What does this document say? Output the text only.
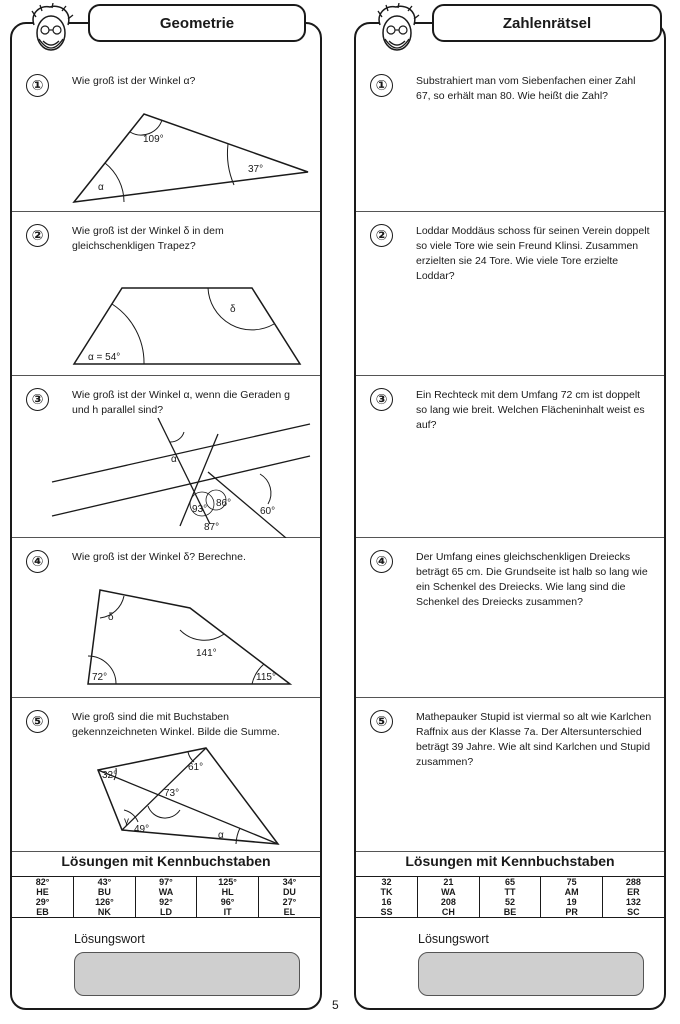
①	Wie groß ist der Winkel α?
109°
37°
α
②	Wie groß ist der Winkel δ in dem gleichschenkligen Trapez?
δ
α = 54°
③	Wie groß ist der Winkel α, wenn die Geraden g und h parallel sind?
α
93°
86°
87°
60°
④	Wie groß ist der Winkel δ? Berechne.
δ
141°
72°	115°
⑤	Wie groß sind die mit Buchstaben gekennzeichneten Winkel. Bilde die Summe.
32°
61°
73°
γ
49°
α
Lösungen mit Kennbuchstaben
82°	43°	97°	125°	34°
HE	BU	WA	HL	DU
29°	126°	92°	96°	27°
EB	NK	LD	IT	EL
Lösungswort
①	Substrahiert man vom Siebenfachen einer Zahl 67, so erhält man 80. Wie heißt die Zahl?
②	Loddar Moddäus schoss für seinen Verein doppelt so viele Tore wie sein Freund Klinsi. Zusammen erzielten sie 24 Tore. Wie viele Tore erzielte Loddar?
③	Ein Rechteck mit dem Umfang 72 cm ist doppelt so lang wie breit. Welchen Flächeninhalt weist es auf?
④	Der Umfang eines gleichschenkligen Dreiecks beträgt 65 cm. Die Grundseite ist halb so lang wie ein Schenkel des Dreiecks. Wie lang sind die Schenkel des Dreiecks zusammen?
⑤	Mathepauker Stupid ist viermal so alt wie Karlchen Raffnix aus der Klasse 7a. Der Altersunterschied beträgt 39 Jahre. Wie alt sind Karlchen und Stupid zusammen?
Lösungen mit Kennbuchstaben
32	21	65	75	288
TK	WA	TT	AM	ER
16	208	52	19	132
SS	CH	BE	PR	SC
Lösungswort
Geometrie	Zahlenrätsel
5
